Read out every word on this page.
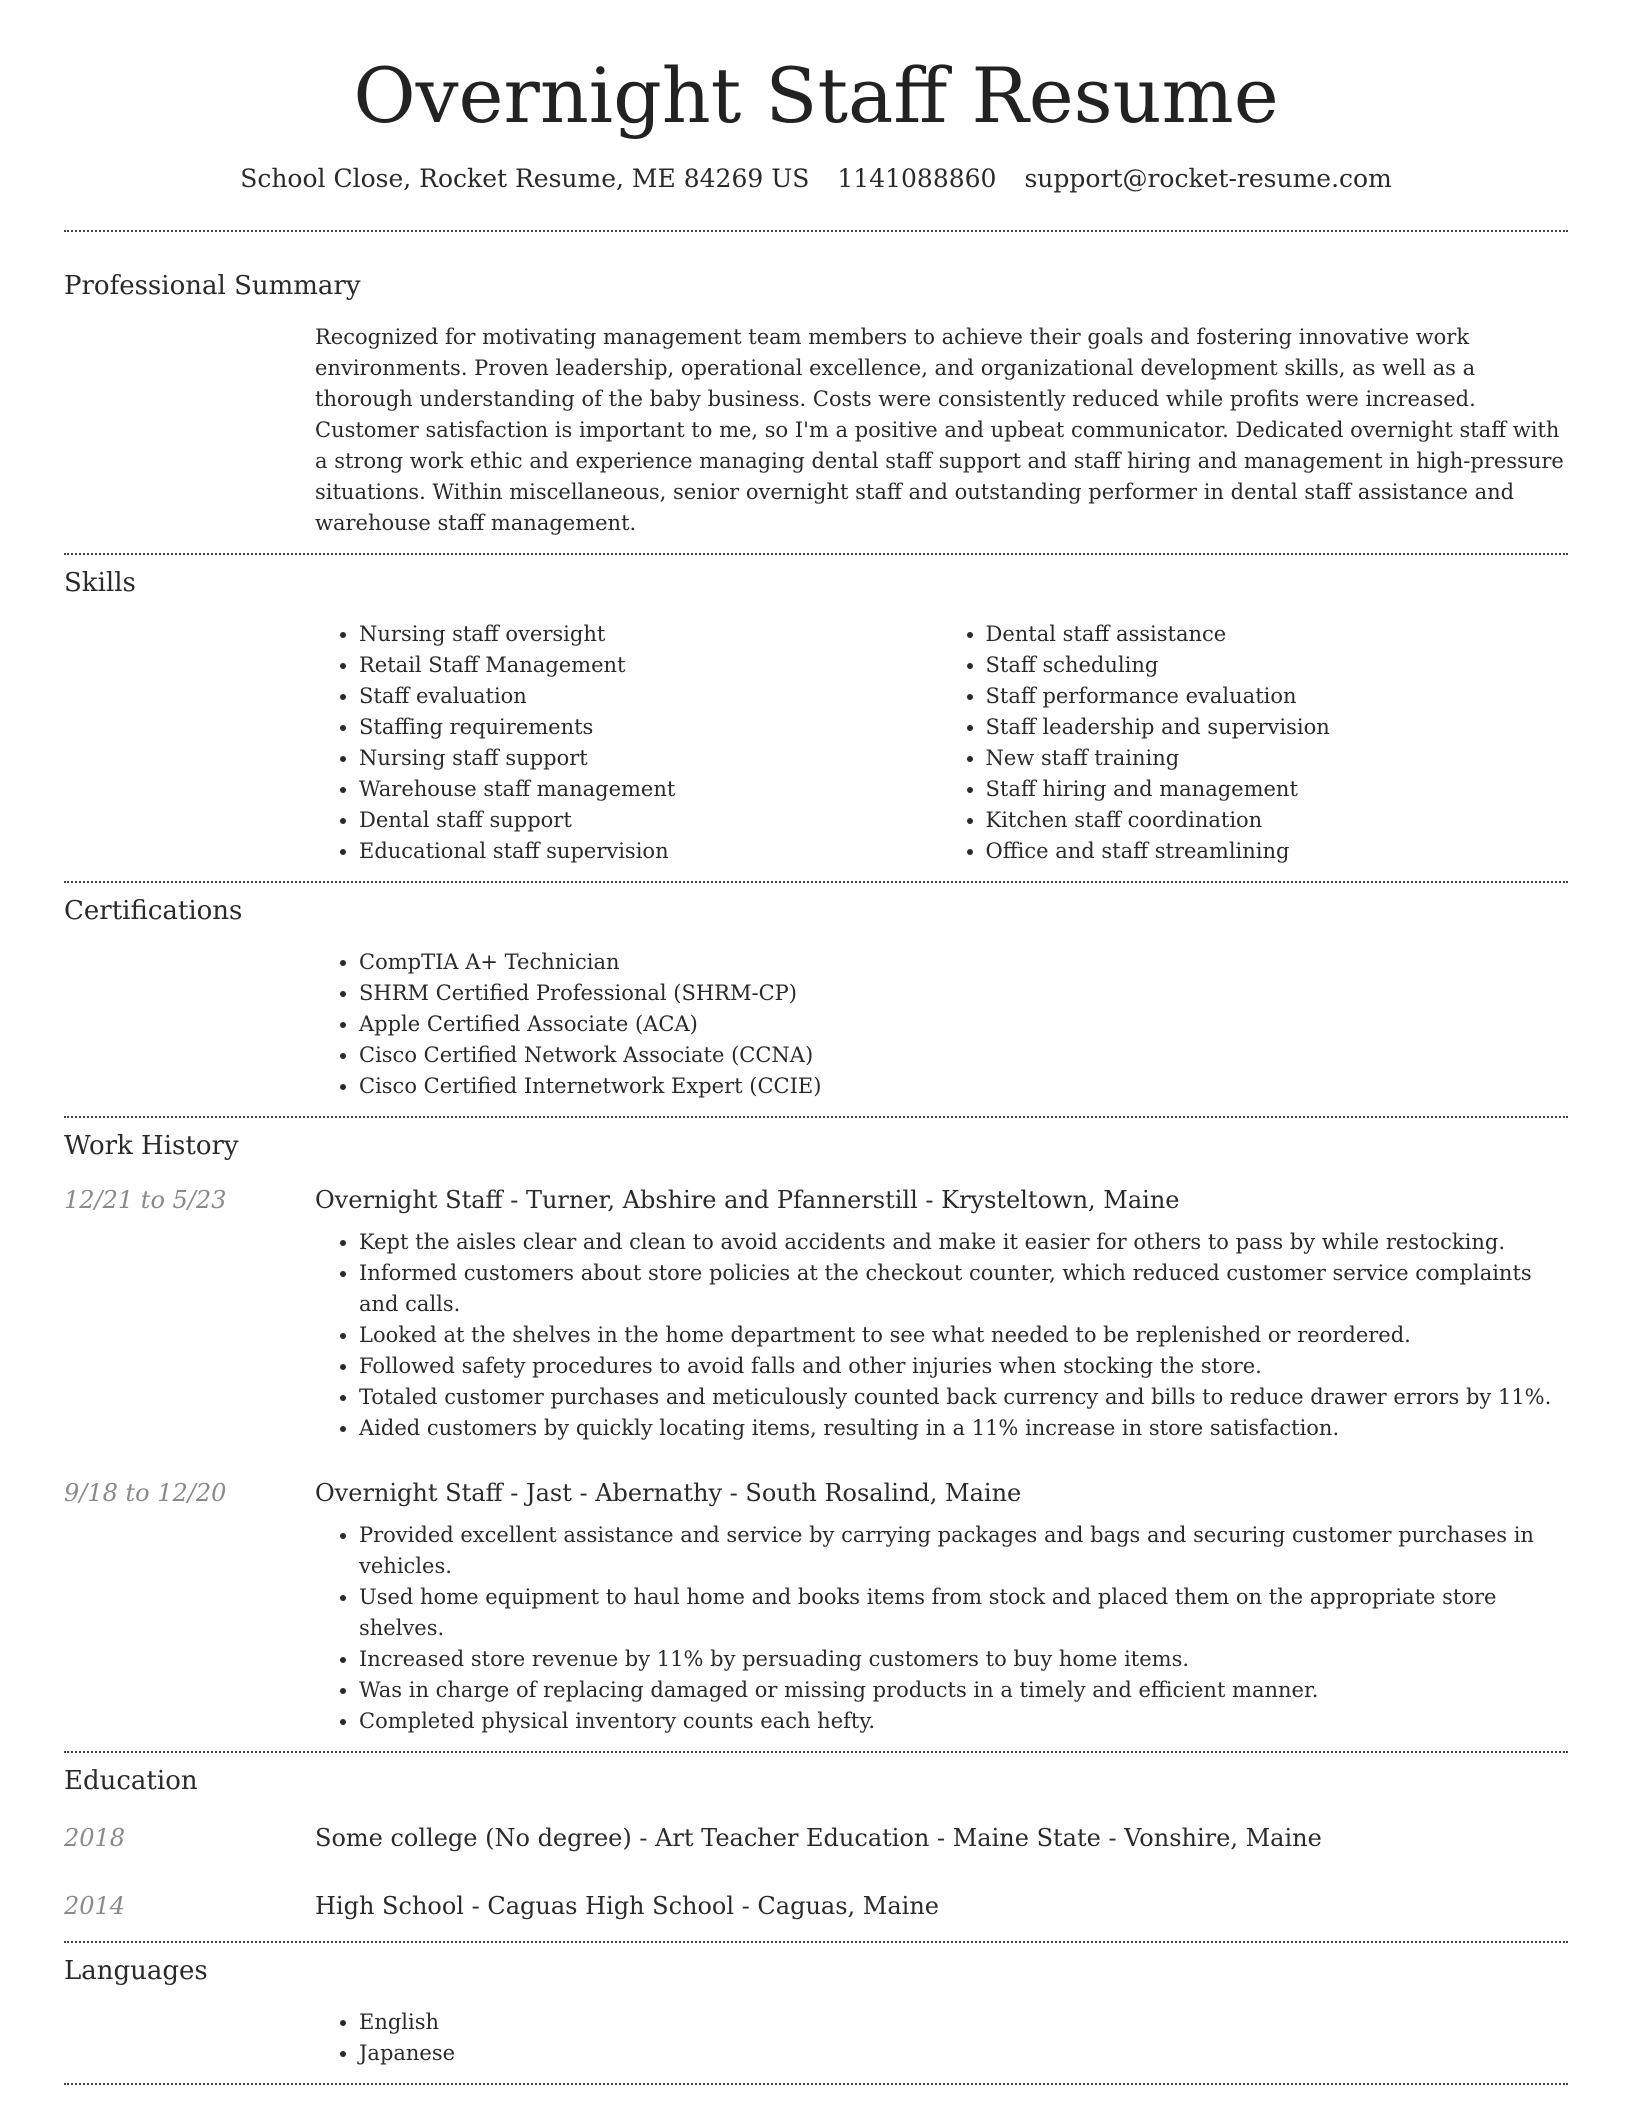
Overnight Staff Resume
School Close, Rocket Resume, ME 84269 US 1141088860 support@rocket-resume.com
Professional Summary
Recognized for motivating management team members to achieve their goals and fostering innovative work environments. Proven leadership, operational excellence, and organizational development skills, as well as a thorough understanding of the baby business. Costs were consistently reduced while profits were increased. Customer satisfaction is important to me, so I'm a positive and upbeat communicator. Dedicated overnight staff with a strong work ethic and experience managing dental staff support and staff hiring and management in high-pressure situations. Within miscellaneous, senior overnight staff and outstanding performer in dental staff assistance and warehouse staff management.
Skills
• Nursing staff oversight
• Retail Staff Management
• Staff evaluation
• Staffing requirements
• Nursing staff support
• Warehouse staff management
• Dental staff support
• Educational staff supervision
• Dental staff assistance
• Staff scheduling
• Staff performance evaluation
• Staff leadership and supervision
• New staff training
• Staff hiring and management
• Kitchen staff coordination
• Office and staff streamlining
Certifications
• CompTIA A+ Technician
• SHRM Certified Professional (SHRM-CP)
• Apple Certified Associate (ACA)
• Cisco Certified Network Associate (CCNA)
• Cisco Certified Internetwork Expert (CCIE)
Work History
12/21 to 5/23	Overnight Staff - Turner, Abshire and Pfannerstill - Krysteltown, Maine
• Kept the aisles clear and clean to avoid accidents and make it easier for others to pass by while restocking.
• Informed customers about store policies at the checkout counter, which reduced customer service complaints and calls.
• Looked at the shelves in the home department to see what needed to be replenished or reordered.
• Followed safety procedures to avoid falls and other injuries when stocking the store.
• Totaled customer purchases and meticulously counted back currency and bills to reduce drawer errors by 11%.
• Aided customers by quickly locating items, resulting in a 11% increase in store satisfaction.
9/18 to 12/20	Overnight Staff - Jast - Abernathy - South Rosalind, Maine
• Provided excellent assistance and service by carrying packages and bags and securing customer purchases in vehicles.
• Used home equipment to haul home and books items from stock and placed them on the appropriate store shelves.
• Increased store revenue by 11% by persuading customers to buy home items.
• Was in charge of replacing damaged or missing products in a timely and efficient manner.
• Completed physical inventory counts each hefty.
Education
2018	Some college (No degree) - Art Teacher Education - Maine State - Vonshire, Maine
2014	High School - Caguas High School - Caguas, Maine
Languages
• English
• Japanese
